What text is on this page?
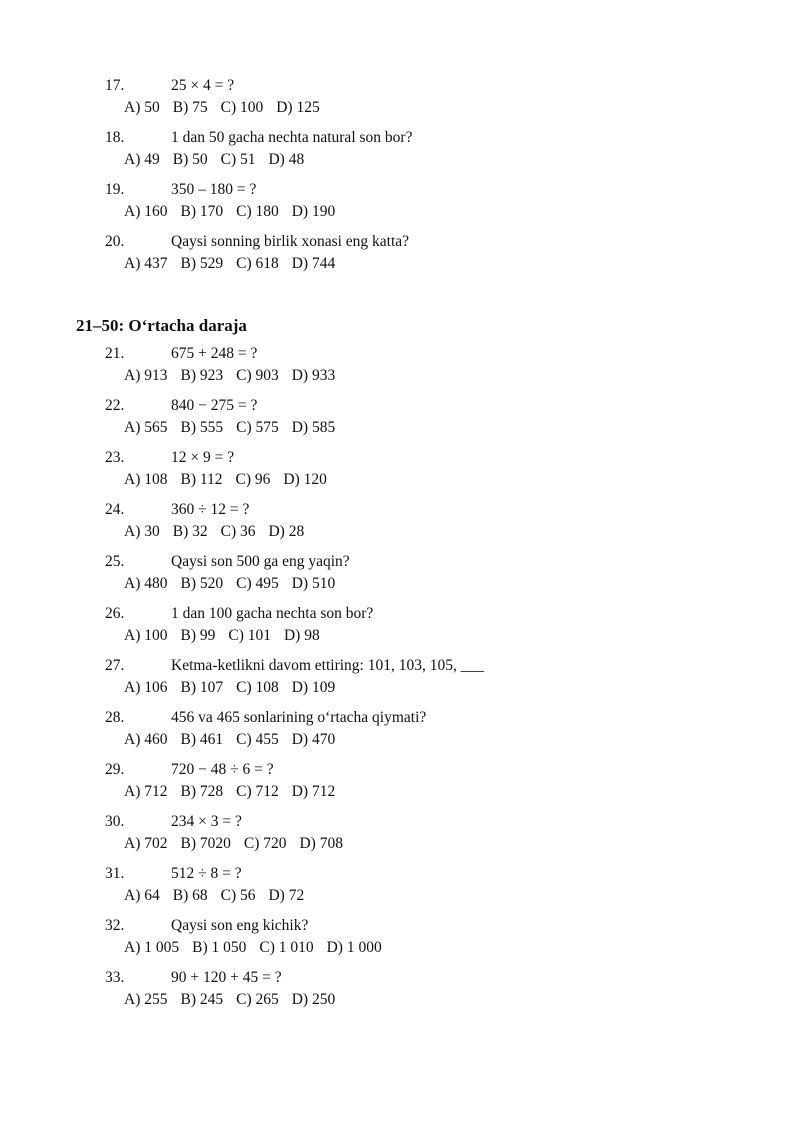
17.	25 × 4 = ?
A) 50 B) 75 C) 100 D) 125
18.	1 dan 50 gacha nechta natural son bor?
A) 49 B) 50 C) 51 D) 48
19.	350 – 180 = ?
A) 160 B) 170 C) 180 D) 190
20.	Qaysi sonning birlik xonasi eng katta?
A) 437 B) 529 C) 618 D) 744
21–50: O‘rtacha daraja
21.	675 + 248 = ?
A) 913 B) 923 C) 903 D) 933
22.	840 − 275 = ?
A) 565 B) 555 C) 575 D) 585
23.	12 × 9 = ?
A) 108 B) 112 C) 96 D) 120
24.	360 ÷ 12 = ?
A) 30 B) 32 C) 36 D) 28
25.	Qaysi son 500 ga eng yaqin?
A) 480 B) 520 C) 495 D) 510
26.	1 dan 100 gacha nechta son bor?
A) 100 B) 99 C) 101 D) 98
27.	Ketma-ketlikni davom ettiring: 101, 103, 105, ___
A) 106 B) 107 C) 108 D) 109
28.	456 va 465 sonlarining o‘rtacha qiymati?
A) 460 B) 461 C) 455 D) 470
29.	720 − 48 ÷ 6 = ?
A) 712 B) 728 C) 712 D) 712
30.	234 × 3 = ?
A) 702 B) 7020 C) 720 D) 708
31.	512 ÷ 8 = ?
A) 64 B) 68 C) 56 D) 72
32.	Qaysi son eng kichik?
A) 1 005 B) 1 050 C) 1 010 D) 1 000
33.	90 + 120 + 45 = ?
A) 255 B) 245 C) 265 D) 250
